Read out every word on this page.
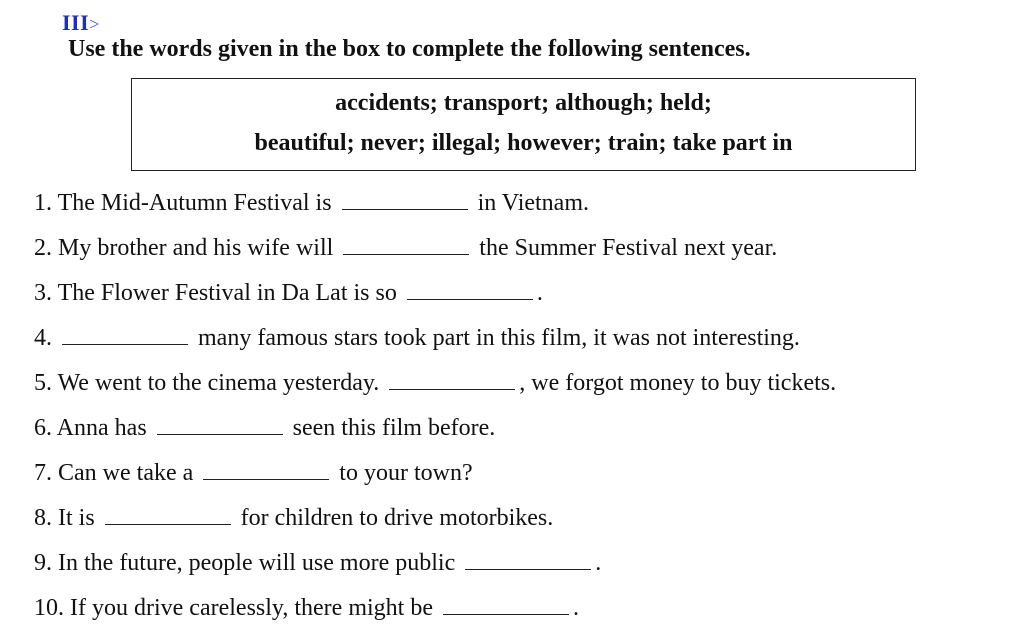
III>
Use the words given in the box to complete the following sentences.
accidents; transport; although; held;
beautiful; never; illegal; however; train; take part in
1. The Mid-Autumn Festival is	in Vietnam.
2. My brother and his wife will	the Summer Festival next year.
3. The Flower Festival in Da Lat is so	.
4.	many famous stars took part in this film, it was not interesting.
5. We went to the cinema yesterday.	, we forgot money to buy tickets.
6. Anna has	seen this film before.
7. Can we take a	to your town?
8. It is	for children to drive motorbikes.
9. In the future, people will use more public	.
10. If you drive carelessly, there might be	.
